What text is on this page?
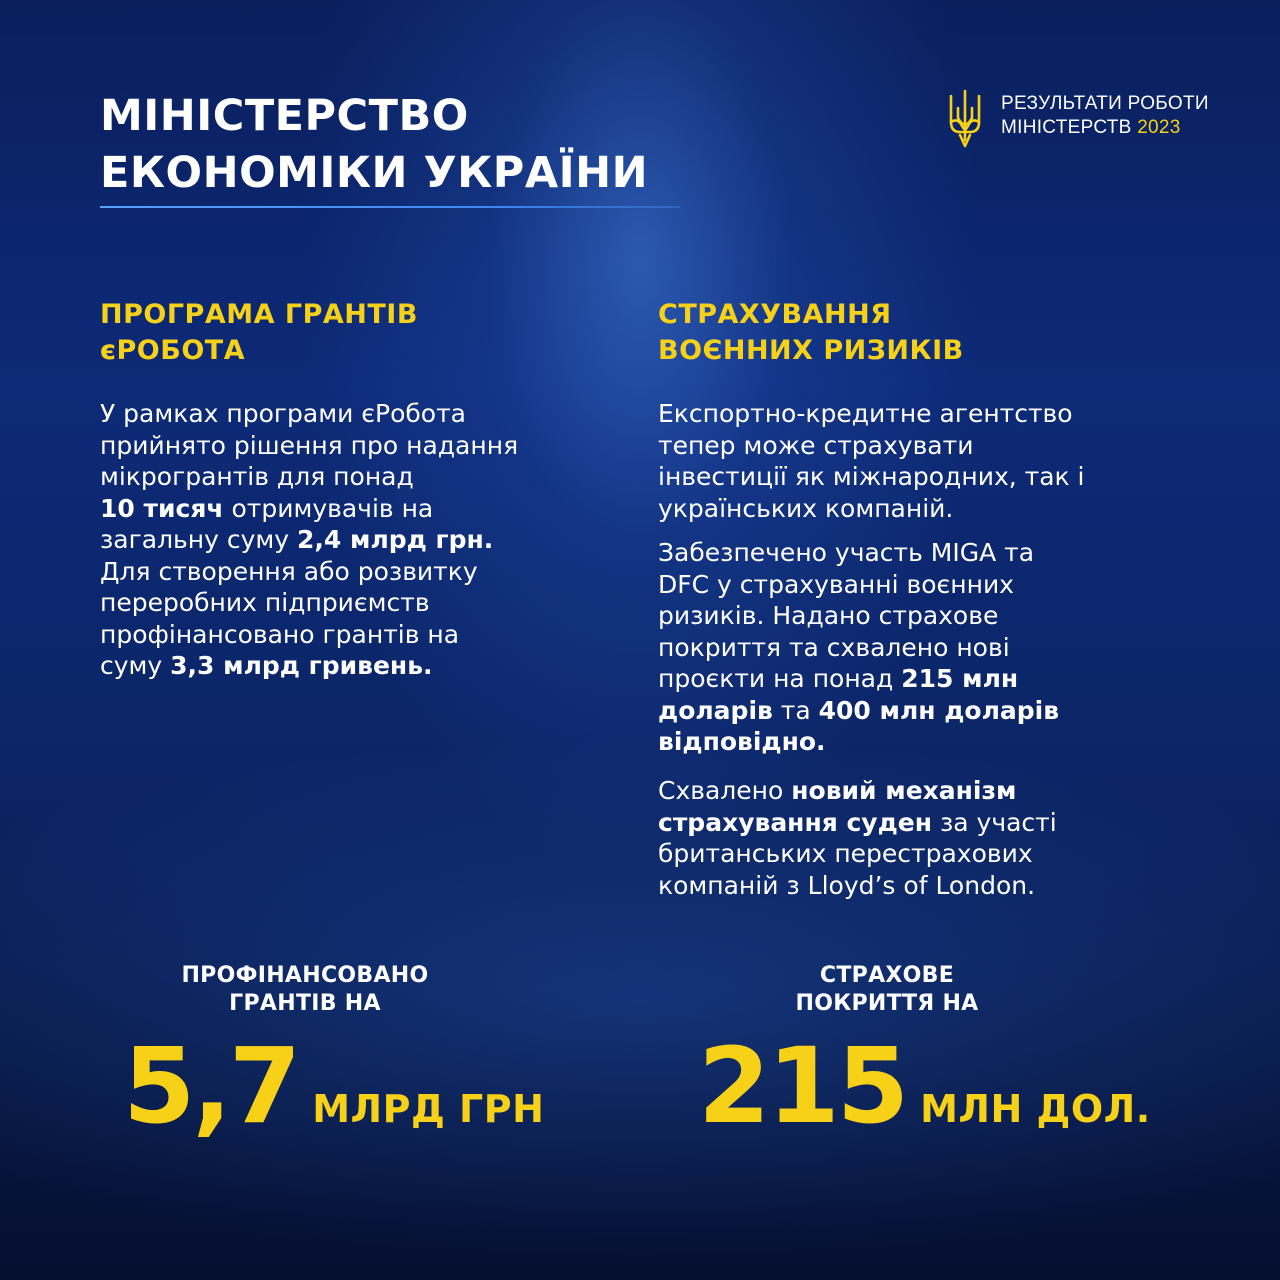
МІНІСТЕРСТВО
ЕКОНОМІКИ УКРАЇНИ
РЕЗУЛЬТАТИ РОБОТИ
МІНІСТЕРСТВ 2023
ПРОГРАМА ГРАНТІВ
єРОБОТА
СТРАХУВАННЯ
ВОЄННИХ РИЗИКІВ

У рамках програми єРобота
прийнято рішення про надання
мікрогрантів для понад
10 тисяч отримувачів на
загальну суму 2,4 млрд грн.
Для створення або розвитку
переробних підприємств
профінансовано грантів на
суму 3,3 млрд гривень.

Експортно-кредитне агентство
тепер може страхувати
інвестиції як міжнародних, так і
українських компаній.

Забезпечено участь MIGA та
DFC у страхуванні воєнних
ризиків. Надано страхове
покриття та схвалено нові
проєкти на понад 215 млн
доларів та 400 млн доларів
відповідно.

Схвалено новий механізм
страхування суден за участі
британських перестрахових
компаній з Lloyd’s of London.

ПРОФІНАНСОВАНО
ГРАНТІВ НА
5,7 МЛРД ГРН
СТРАХОВЕ
ПОКРИТТЯ НА
215 МЛН ДОЛ.
